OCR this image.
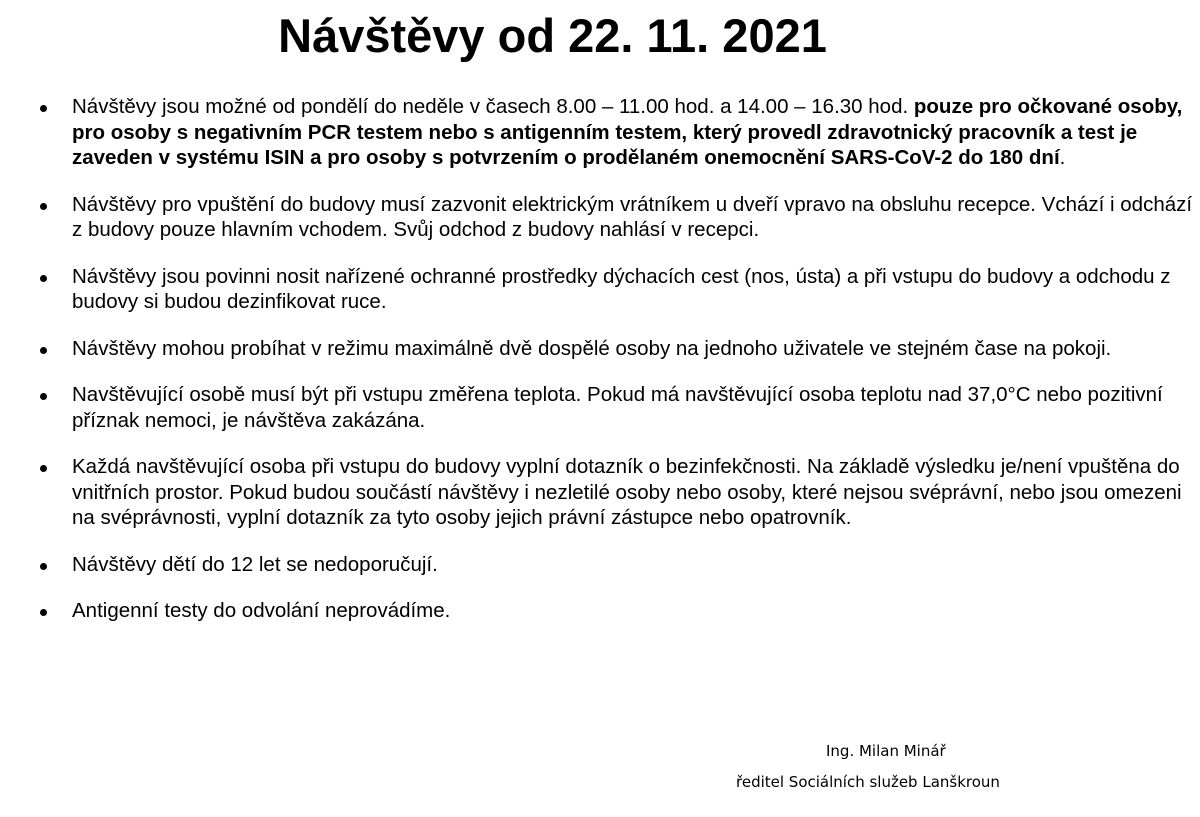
Návštěvy od 22. 11. 2021
Návštěvy jsou možné od pondělí do neděle v časech 8.00 – 11.00 hod. a 14.00 – 16.30 hod. pouze pro očkované osoby, pro osoby s negativním PCR testem nebo s antigenním testem, který provedl zdravotnický pracovník a test je zaveden v systému ISIN a pro osoby s potvrzením o prodělaném onemocnění SARS-CoV-2 do 180 dní.
Návštěvy pro vpuštění do budovy musí zazvonit elektrickým vrátníkem u dveří vpravo na obsluhu recepce. Vchází i odchází z budovy pouze hlavním vchodem. Svůj odchod z budovy nahlásí v recepci.
Návštěvy jsou povinni nosit nařízené ochranné prostředky dýchacích cest (nos, ústa) a při vstupu do budovy a odchodu z budovy si budou dezinfikovat ruce.
Návštěvy mohou probíhat v režimu maximálně dvě dospělé osoby na jednoho uživatele ve stejném čase na pokoji.
Navštěvující osobě musí být při vstupu změřena teplota. Pokud má navštěvující osoba teplotu nad 37,0°C nebo pozitivní příznak nemoci, je návštěva zakázána.
Každá navštěvující osoba při vstupu do budovy vyplní dotazník o bezinfekčnosti. Na základě výsledku je/není vpuštěna do vnitřních prostor. Pokud budou součástí návštěvy i nezletilé osoby nebo osoby, které nejsou svéprávní, nebo jsou omezeni na svéprávnosti, vyplní dotazník za tyto osoby jejich právní zástupce nebo opatrovník.
Návštěvy dětí do 12 let se nedoporučují.
Antigenní testy do odvolání neprovádíme.
Ing. Milan Minář
ředitel Sociálních služeb Lanškroun
